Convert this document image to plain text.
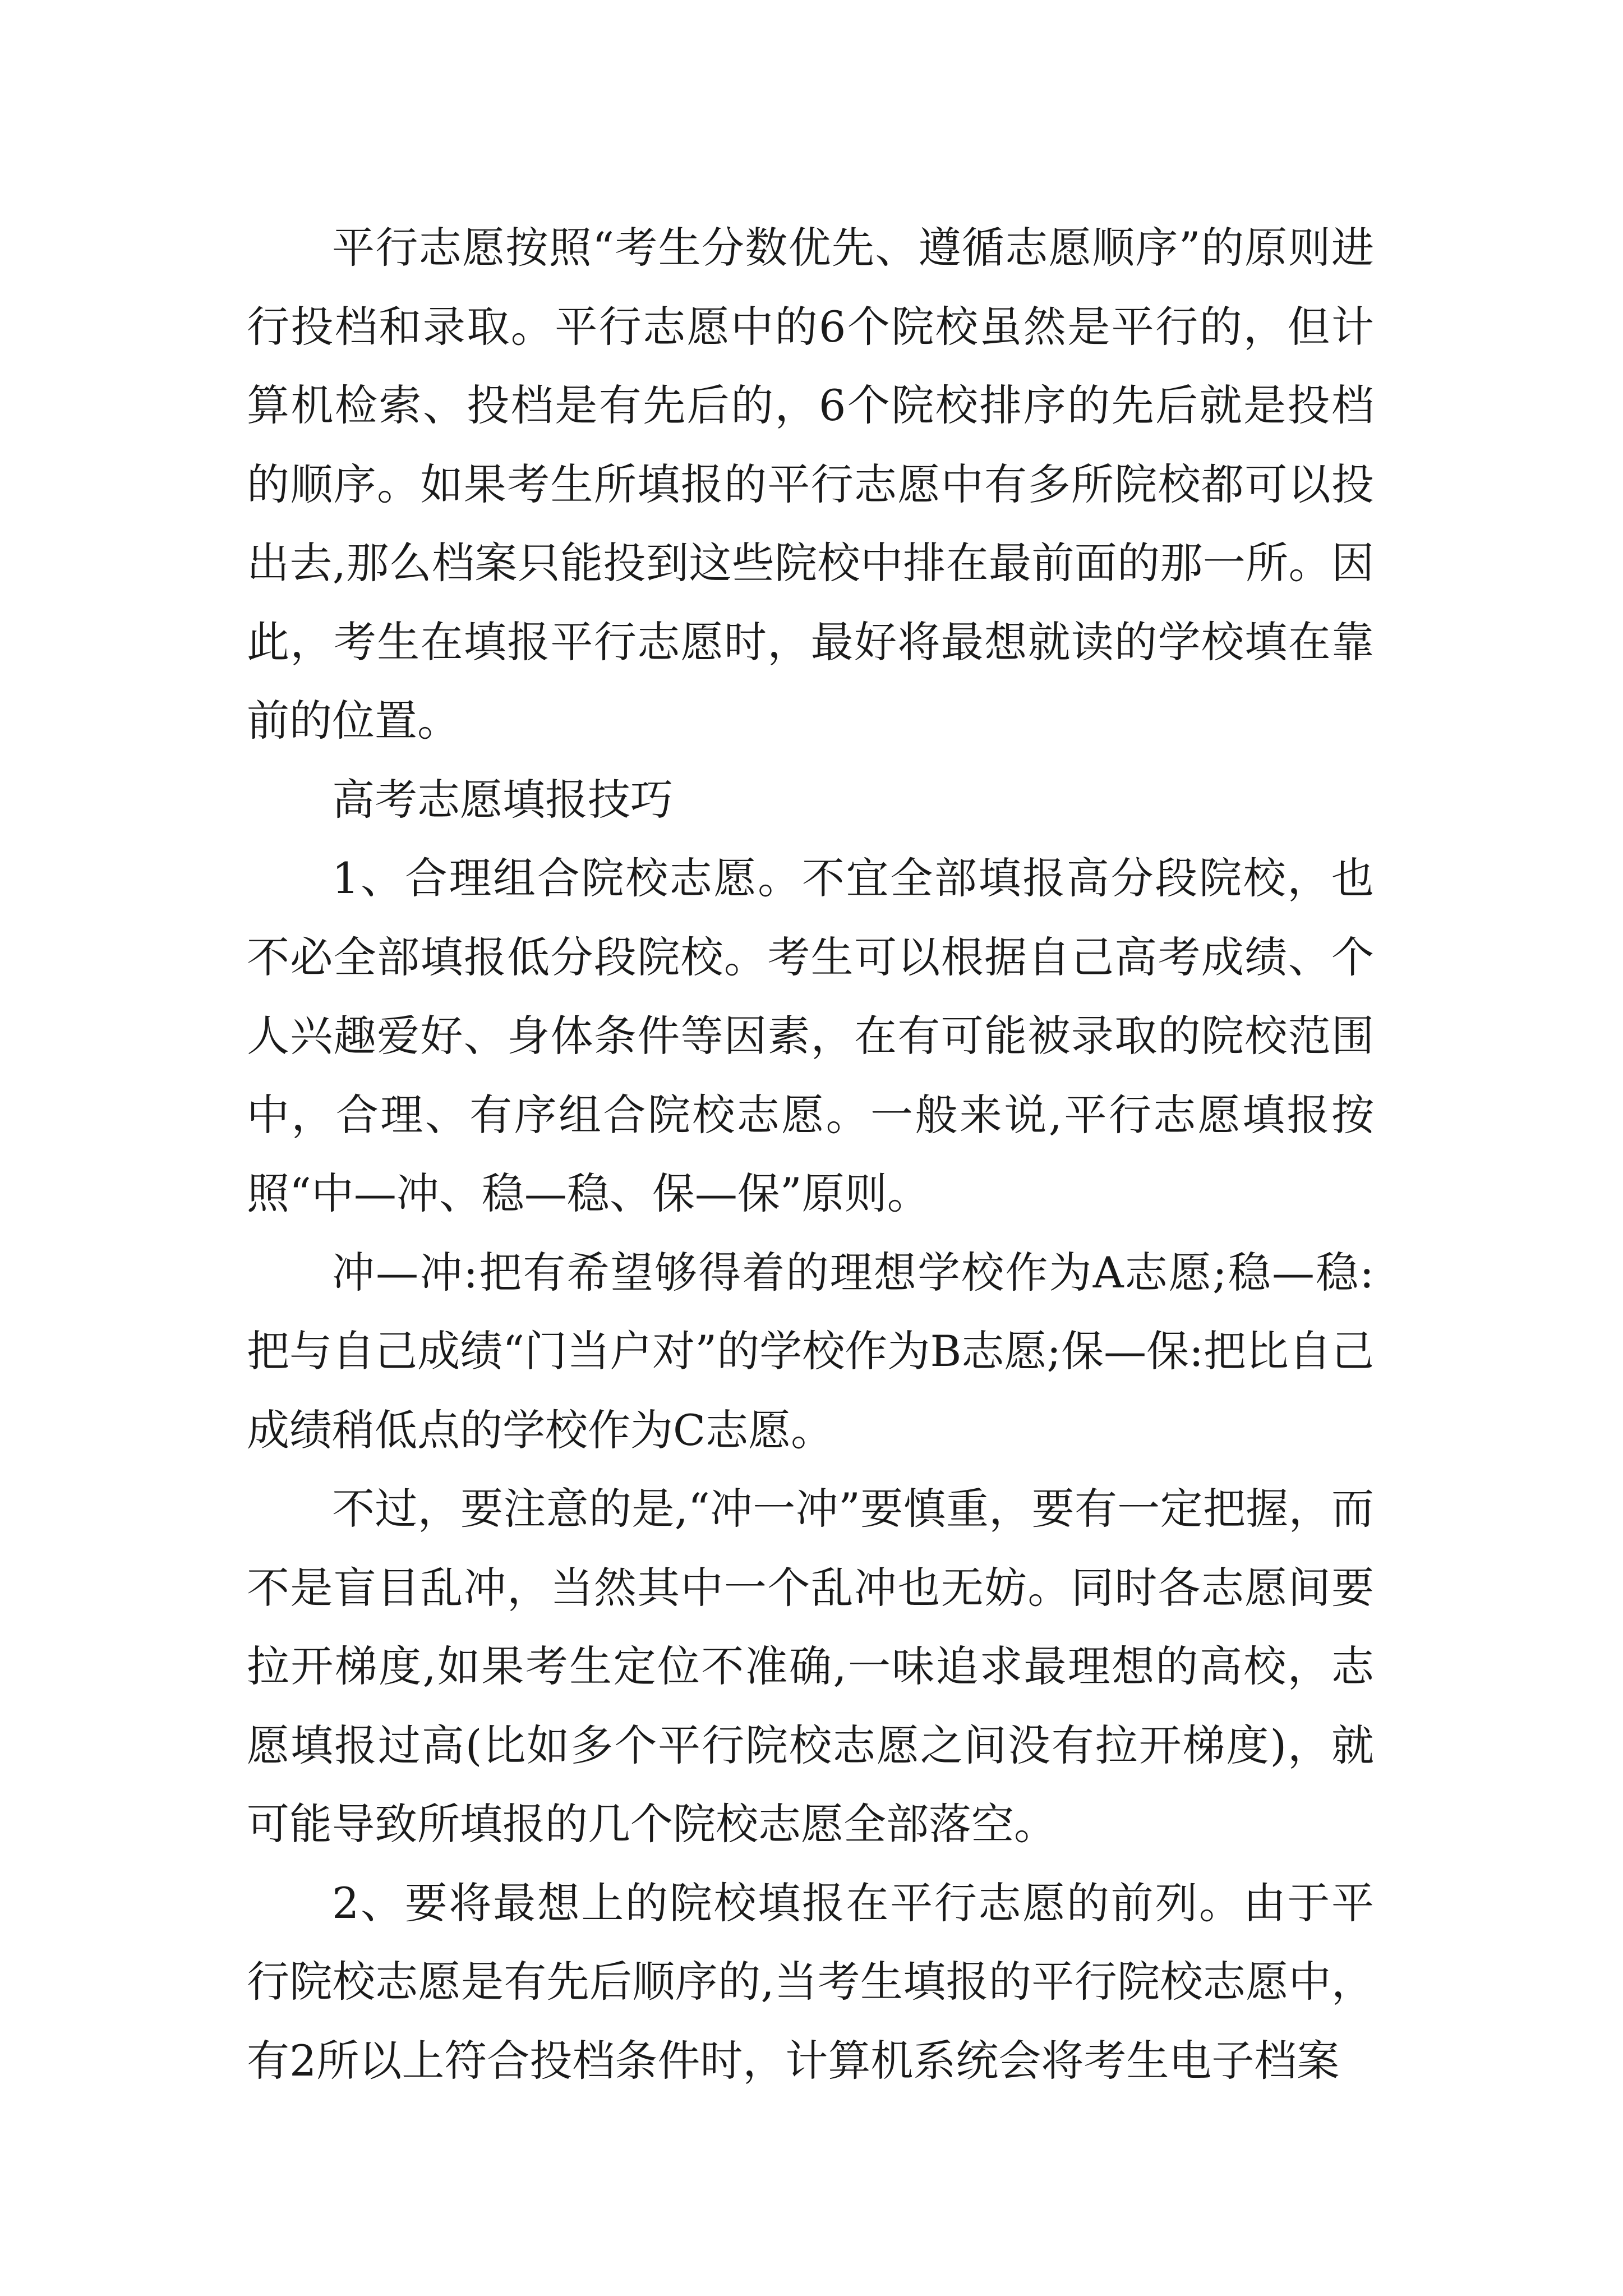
平行志愿按照“考生分数优先、遵循志愿顺序”的原则进行投档和录取。平行志愿中的6个院校虽然是平行的，但计算机检索、投档是有先后的，6个院校排序的先后就是投档的顺序。如果考生所填报的平行志愿中有多所院校都可以投出去,那么档案只能投到这些院校中排在最前面的那一所。因此，考生在填报平行志愿时，最好将最想就读的学校填在靠前的位置。

高考志愿填报技巧

1、合理组合院校志愿。不宜全部填报高分段院校，也不必全部填报低分段院校。考生可以根据自己高考成绩、个人兴趣爱好、身体条件等因素，在有可能被录取的院校范围中，合理、有序组合院校志愿。一般来说,平行志愿填报按照“中—冲、稳—稳、保—保”原则。

冲—冲:把有希望够得着的理想学校作为A志愿;稳—稳:把与自己成绩“门当户对”的学校作为B志愿;保—保:把比自己成绩稍低点的学校作为C志愿。

不过，要注意的是,“冲一冲”要慎重，要有一定把握，而不是盲目乱冲，当然其中一个乱冲也无妨。同时各志愿间要拉开梯度,如果考生定位不准确,一味追求最理想的高校，志愿填报过高(比如多个平行院校志愿之间没有拉开梯度)，就可能导致所填报的几个院校志愿全部落空。

2、要将最想上的院校填报在平行志愿的前列。由于平行院校志愿是有先后顺序的,当考生填报的平行院校志愿中，有2所以上符合投档条件时，计算机系统会将考生电子档案
